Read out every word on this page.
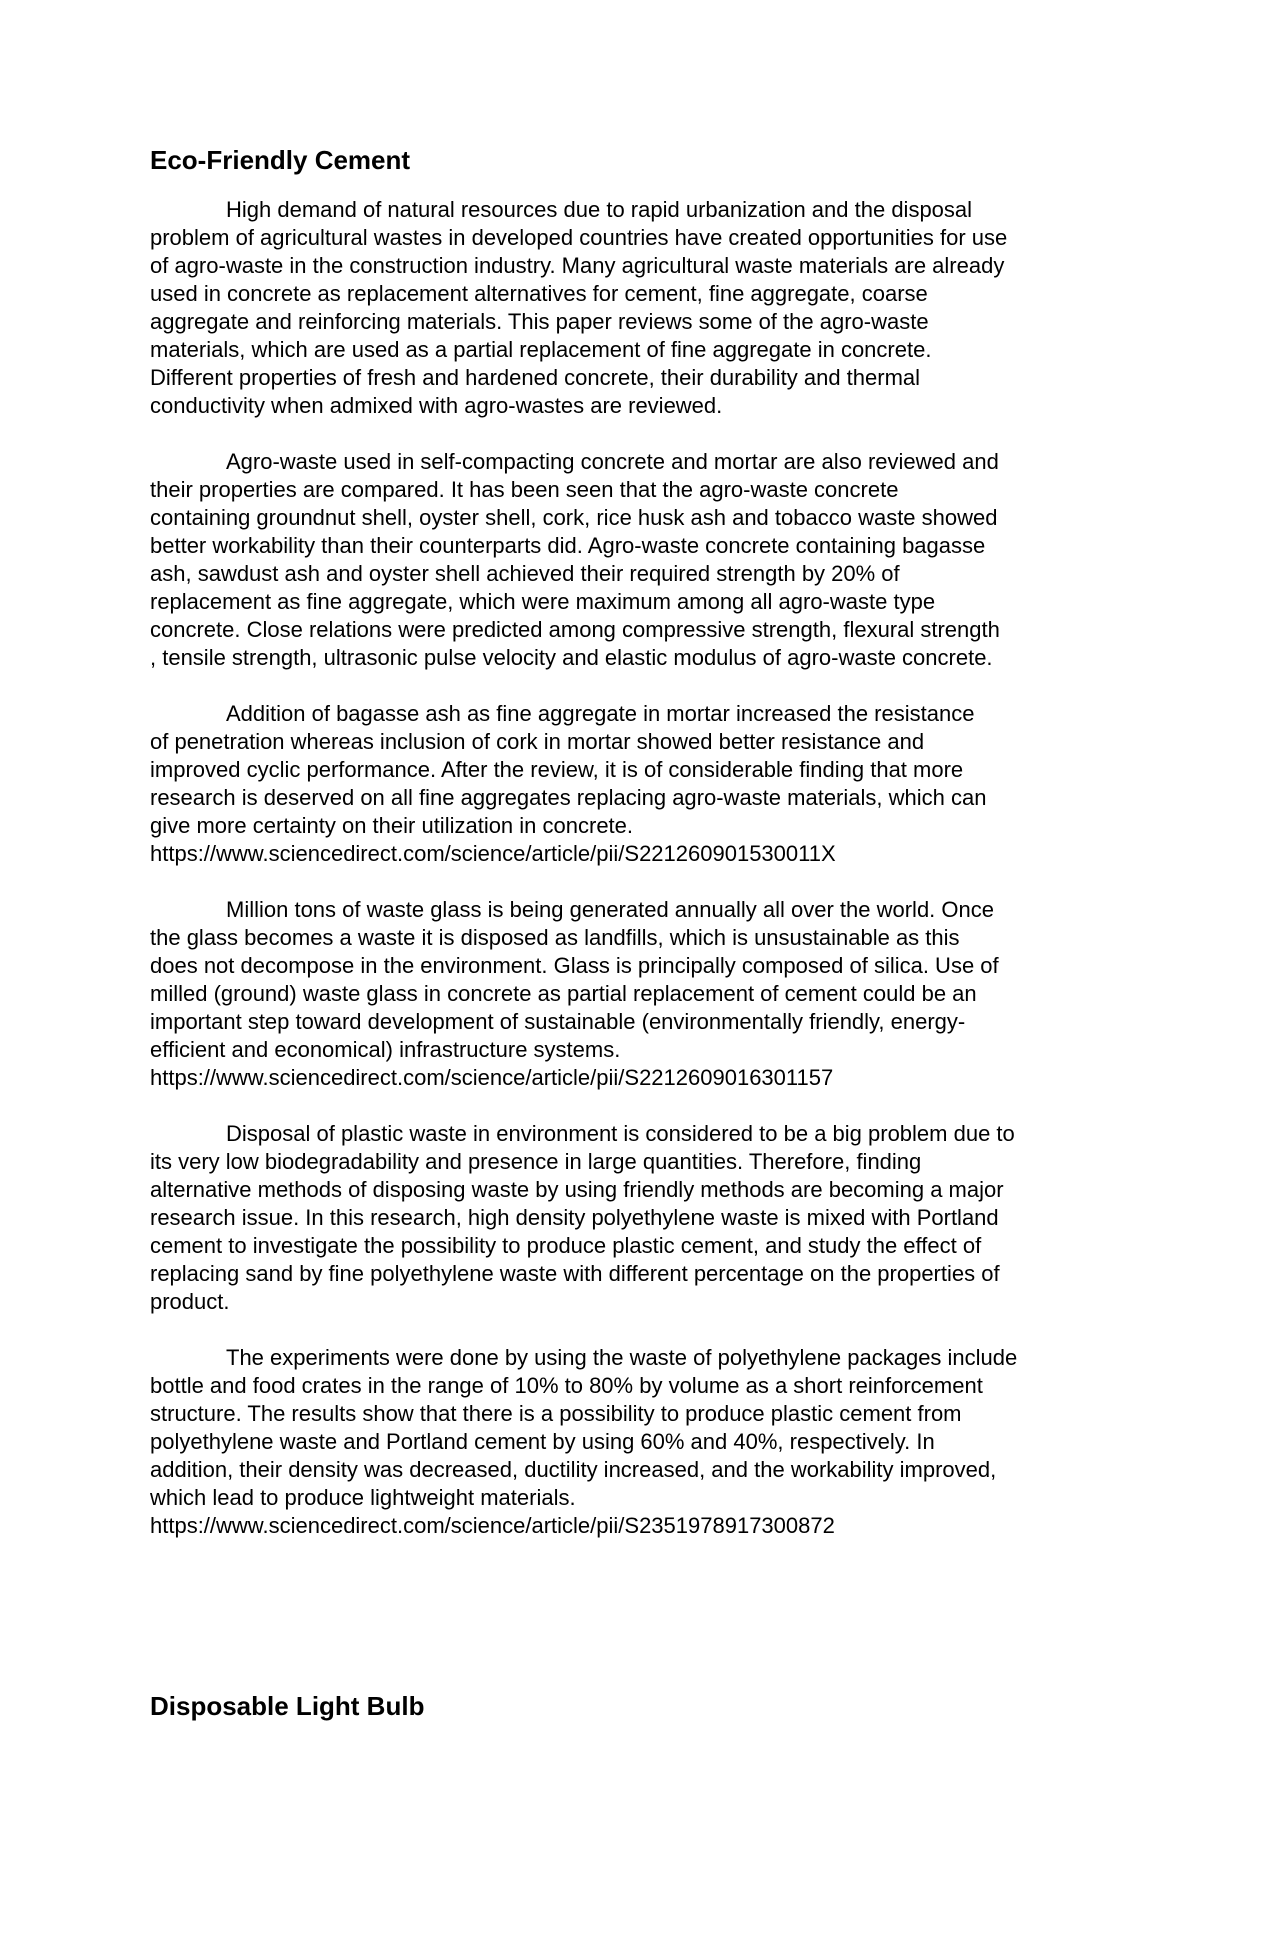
Eco-Friendly Cement

High demand of natural resources due to rapid urbanization and the disposal
problem of agricultural wastes in developed countries have created opportunities for use
of agro-waste in the construction industry. Many agricultural waste materials are already
used in concrete as replacement alternatives for cement, fine aggregate, coarse
aggregate and reinforcing materials. This paper reviews some of the agro-waste
materials, which are used as a partial replacement of fine aggregate in concrete.
Different properties of fresh and hardened concrete, their durability and thermal
conductivity when admixed with agro-wastes are reviewed.

Agro-waste used in self-compacting concrete and mortar are also reviewed and
their properties are compared. It has been seen that the agro-waste concrete
containing groundnut shell, oyster shell, cork, rice husk ash and tobacco waste showed
better workability than their counterparts did. Agro-waste concrete containing bagasse
ash, sawdust ash and oyster shell achieved their required strength by 20% of
replacement as fine aggregate, which were maximum among all agro-waste type
concrete. Close relations were predicted among compressive strength, flexural strength
, tensile strength, ultrasonic pulse velocity and elastic modulus of agro-waste concrete.

Addition of bagasse ash as fine aggregate in mortar increased the resistance
of penetration whereas inclusion of cork in mortar showed better resistance and
improved cyclic performance. After the review, it is of considerable finding that more
research is deserved on all fine aggregates replacing agro-waste materials, which can
give more certainty on their utilization in concrete.
https://www.sciencedirect.com/science/article/pii/S221260901530011X

Million tons of waste glass is being generated annually all over the world. Once
the glass becomes a waste it is disposed as landfills, which is unsustainable as this
does not decompose in the environment. Glass is principally composed of silica. Use of
milled (ground) waste glass in concrete as partial replacement of cement could be an
important step toward development of sustainable (environmentally friendly, energy-
efficient and economical) infrastructure systems.
https://www.sciencedirect.com/science/article/pii/S2212609016301157

Disposal of plastic waste in environment is considered to be a big problem due to
its very low biodegradability and presence in large quantities. Therefore, finding
alternative methods of disposing waste by using friendly methods are becoming a major
research issue. In this research, high density polyethylene waste is mixed with Portland
cement to investigate the possibility to produce plastic cement, and study the effect of
replacing sand by fine polyethylene waste with different percentage on the properties of
product.

The experiments were done by using the waste of polyethylene packages include
bottle and food crates in the range of 10% to 80% by volume as a short reinforcement
structure. The results show that there is a possibility to produce plastic cement from
polyethylene waste and Portland cement by using 60% and 40%, respectively. In
addition, their density was decreased, ductility increased, and the workability improved,
which lead to produce lightweight materials.
https://www.sciencedirect.com/science/article/pii/S2351978917300872

Disposable Light Bulb
